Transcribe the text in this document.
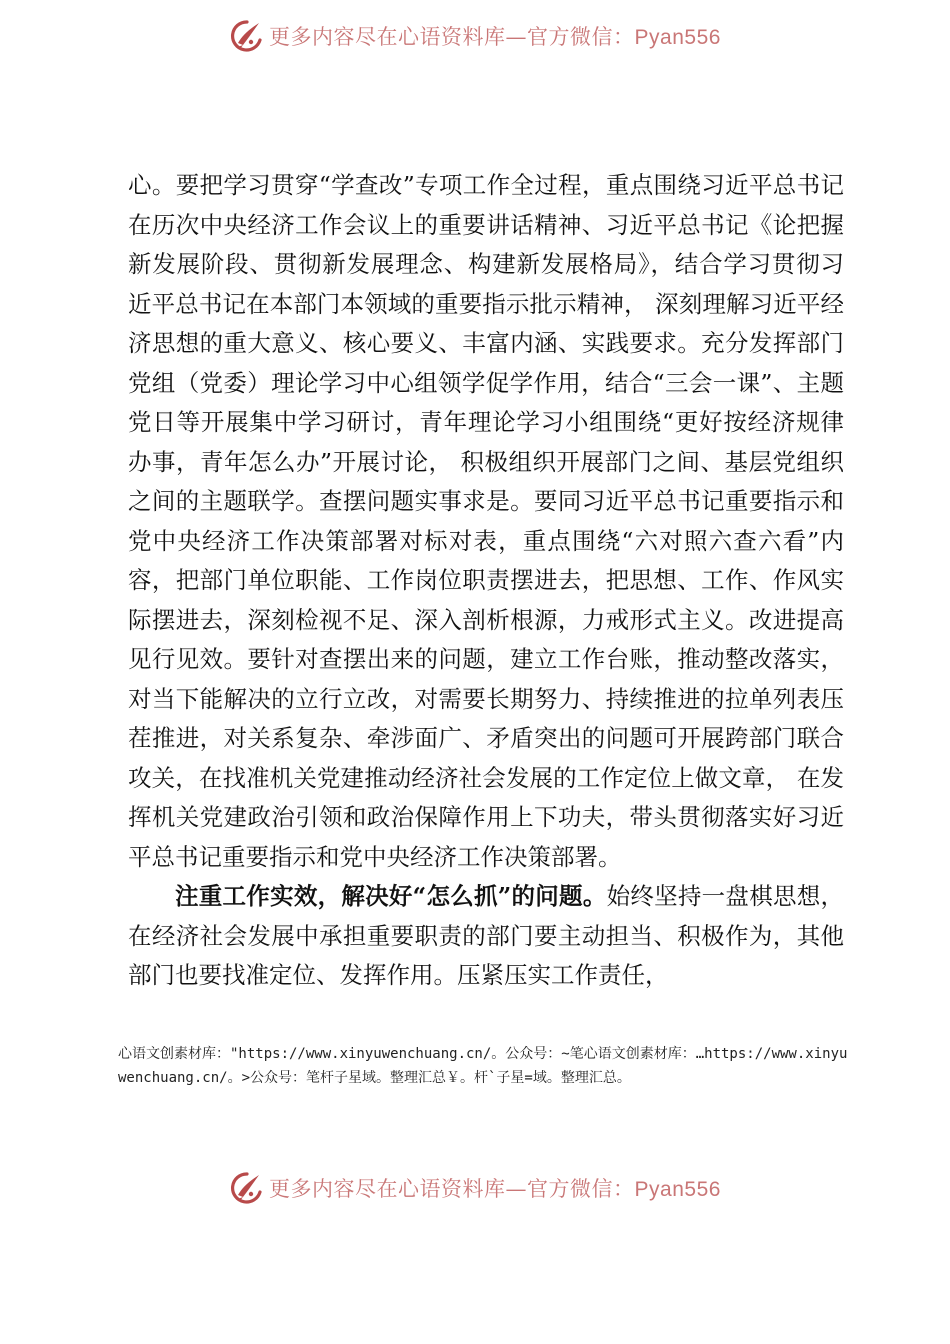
更多内容尽在心语资料库—官方微信：Pyan556

心。要把学习贯穿“学查改”专项工作全过程，重点围绕习近平总书记在历次中央经济工作会议上的重要讲话精神、习近平总书记《论把握新发展阶段、贯彻新发展理念、构建新发展格局》，结合学习贯彻习近平总书记在本部门本领域的重要指示批示精神， 深刻理解习近平经济思想的重大意义、核心要义、丰富内涵、实践要求。充分发挥部门党组（党委）理论学习中心组领学促学作用，结合“三会一课”、主题党日等开展集中学习研讨，青年理论学习小组围绕“更好按经济规律办事，青年怎么办”开展讨论， 积极组织开展部门之间、基层党组织之间的主题联学。查摆问题实事求是。要同习近平总书记重要指示和党中央经济工作决策部署对标对表，重点围绕“六对照六查六看”内容，把部门单位职能、工作岗位职责摆进去，把思想、工作、作风实际摆进去，深刻检视不足、深入剖析根源，力戒形式主义。改进提高见行见效。要针对查摆出来的问题，建立工作台账，推动整改落实，对当下能解决的立行立改，对需要长期努力、持续推进的拉单列表压茬推进，对关系复杂、牵涉面广、矛盾突出的问题可开展跨部门联合攻关，在找准机关党建推动经济社会发展的工作定位上做文章， 在发挥机关党建政治引领和政治保障作用上下功夫，带头贯彻落实好习近平总书记重要指示和党中央经济工作决策部署。

注重工作实效，解决好“怎么抓”的问题。始终坚持一盘棋思想，在经济社会发展中承担重要职责的部门要主动担当、积极作为，其他部门也要找准定位、发挥作用。压紧压实工作责任，

心语文创素材库："https://www.xinyuwenchuang.cn/。公众号：~笔心语文创素材库：…https://www.xinyuwenchuang.cn/。>公众号：笔杆子星域。整理汇总￥。杆`子星=域。整理汇总。
更多内容尽在心语资料库—官方微信：Pyan556
